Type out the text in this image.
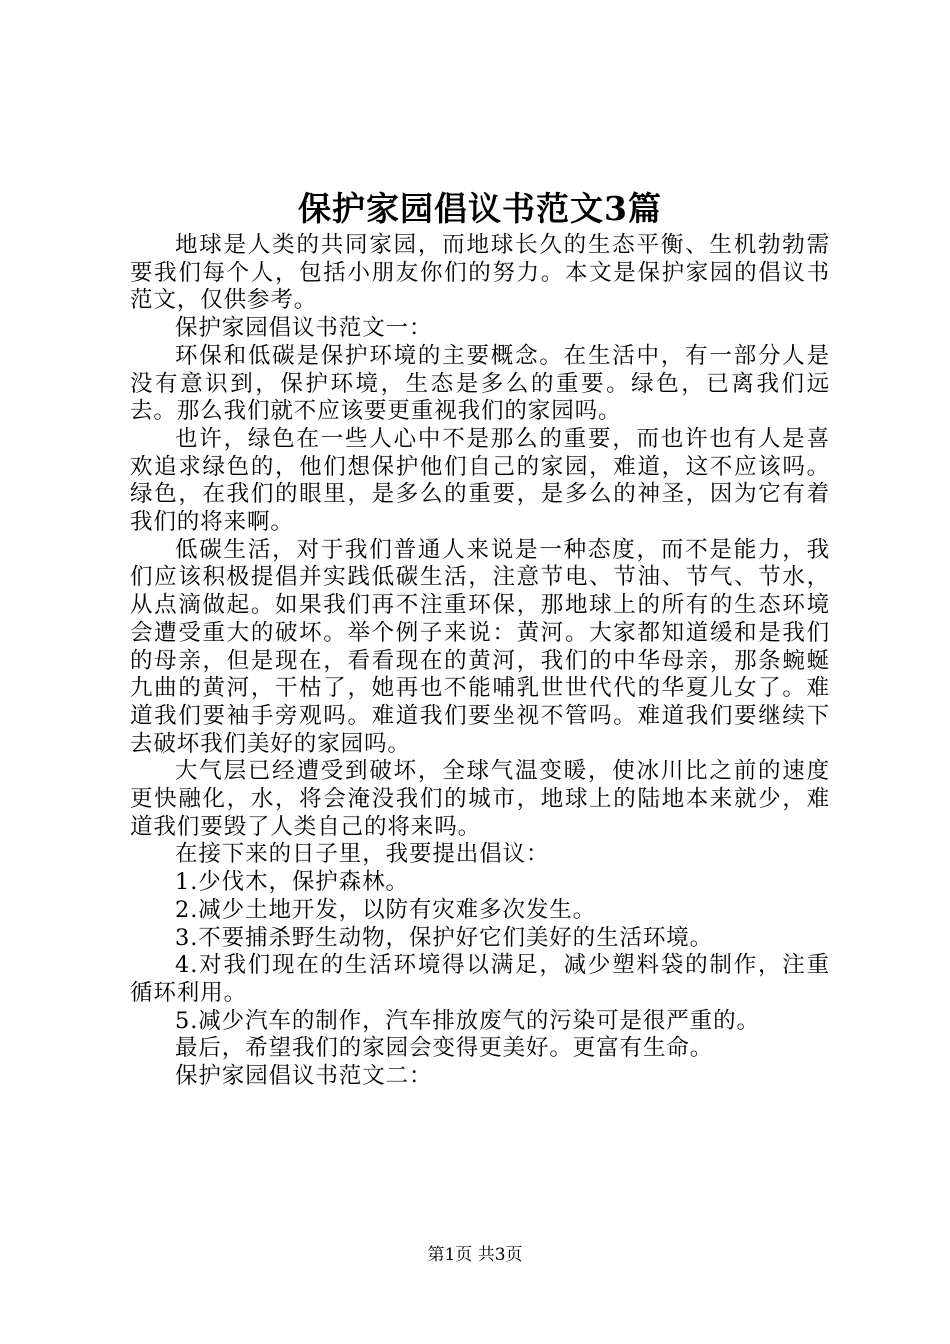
保护家园倡议书范文3篇

地球是人类的共同家园，而地球长久的生态平衡、生机勃勃需要我们每个人，包括小朋友你们的努力。本文是保护家园的倡议书范文，仅供参考。

保护家园倡议书范文一：

环保和低碳是保护环境的主要概念。在生活中，有一部分人是没有意识到，保护环境，生态是多么的重要。绿色，已离我们远去。那么我们就不应该要更重视我们的家园吗。

也许，绿色在一些人心中不是那么的重要，而也许也有人是喜欢追求绿色的，他们想保护他们自己的家园，难道，这不应该吗。绿色，在我们的眼里，是多么的重要，是多么的神圣，因为它有着我们的将来啊。

低碳生活，对于我们普通人来说是一种态度，而不是能力，我们应该积极提倡并实践低碳生活，注意节电、节油、节气、节水，从点滴做起。如果我们再不注重环保，那地球上的所有的生态环境会遭受重大的破坏。举个例子来说：黄河。大家都知道缓和是我们的母亲，但是现在，看看现在的黄河，我们的中华母亲，那条蜿蜒九曲的黄河，干枯了，她再也不能哺乳世世代代的华夏儿女了。难道我们要袖手旁观吗。难道我们要坐视不管吗。难道我们要继续下去破坏我们美好的家园吗。

大气层已经遭受到破坏，全球气温变暖，使冰川比之前的速度更快融化，水，将会淹没我们的城市，地球上的陆地本来就少，难道我们要毁了人类自己的将来吗。

在接下来的日子里，我要提出倡议：

1.少伐木，保护森林。

2.减少土地开发，以防有灾难多次发生。

3.不要捕杀野生动物，保护好它们美好的生活环境。

4.对我们现在的生活环境得以满足，减少塑料袋的制作，注重循环利用。

5.减少汽车的制作，汽车排放废气的污染可是很严重的。

最后，希望我们的家园会变得更美好。更富有生命。

保护家园倡议书范文二：

第1页 共3页
